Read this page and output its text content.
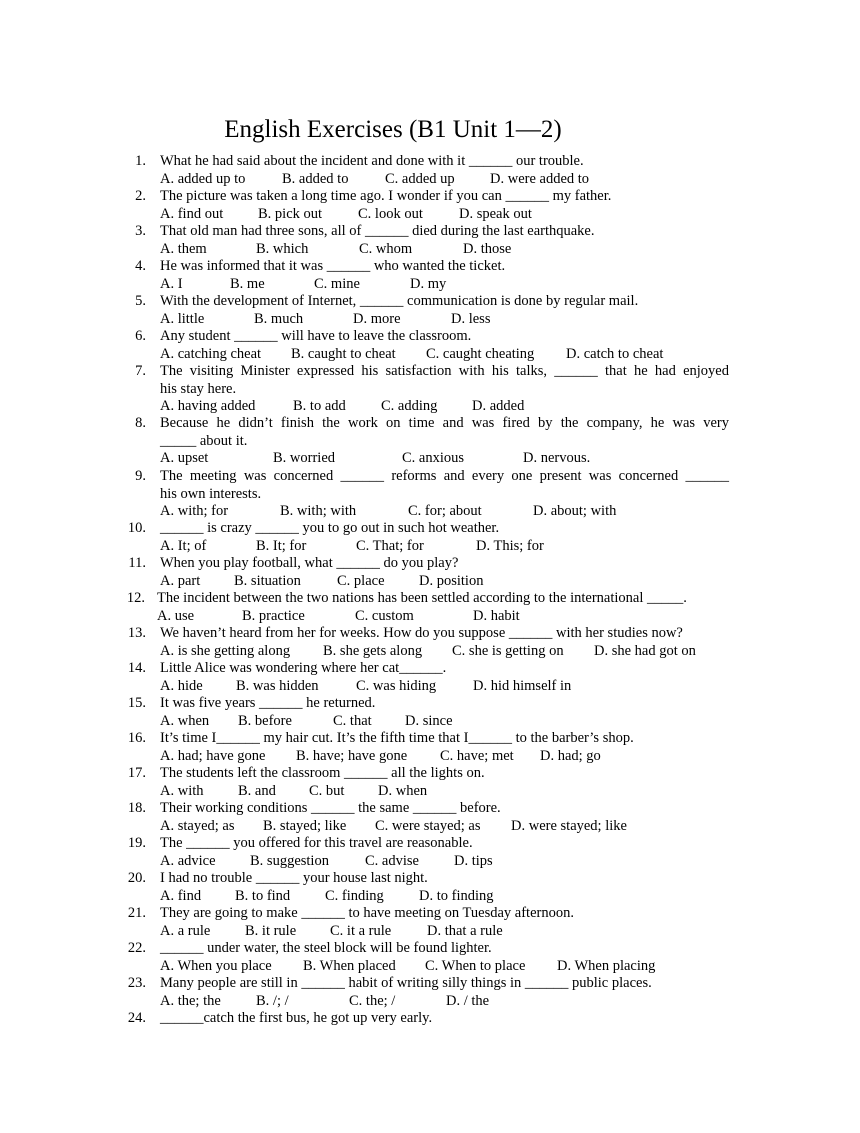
English Exercises (B1 Unit 1—2)
1. What he had said about the incident and done with it ______ our trouble.
A. added up to	B. added to	C. added up D. were added to
2. The picture was taken a long time ago. I wonder if you can ______ my father.
A. find out B. pick out C. look out D. speak out
3. That old man had three sons, all of ______ died during the last earthquake.
A. them	B. which	C. whom	D. those
4. He was informed that it was ______ who wanted the ticket.
A. I	B. me	C. mine	D. my
5. With the development of Internet, ______ communication is done by regular mail.
A. little	B. much	D. more	D. less
6. Any student ______ will have to leave the classroom.
A. catching cheat B. caught to cheat C. caught cheating D. catch to cheat
7. The visiting Minister expressed his satisfaction with his talks, ______ that he had enjoyed
his stay here.
A. having added	B. to add C. adding D. added
8. Because he didn’t finish the work on time and was fired by the company, he was very
_____ about it.
A. upset	B. worried	C. anxious	D. nervous.
9. The meeting was concerned ______ reforms and every one present was concerned ______
his own interests.
A. with; for	B. with; with	C. for; about	D. about; with
10. ______ is crazy ______ you to go out in such hot weather.
A. It; of	B. It; for	C. That; for	D. This; for
11. When you play football, what ______ do you play?
A. part B. situation C. place D. position
12. The incident between the two nations has been settled according to the international _____.
A. use	B. practice	C. custom	D. habit
13. We haven’t heard from her for weeks. How do you suppose ______ with her studies now?
A. is she getting along B. she gets along C. she is getting on D. she had got on
14. Little Alice was wondering where her cat______.
A. hide B. was hidden	C. was hiding	D. hid himself in
15. It was five years ______ he returned.
A. when B. before	C. that D. since
16. It’s time I______ my hair cut. It’s the fifth time that I______ to the barber’s shop.
A. had; have gone B. have; have gone C. have; met D. had; go
17. The students left the classroom ______ all the lights on.
A. with B. and C. but D. when
18. Their working conditions ______ the same ______ before.
A. stayed; as B. stayed; like C. were stayed; as D. were stayed; like
19. The ______ you offered for this travel are reasonable.
A. advice B. suggestion C. advise D. tips
20. I had no trouble ______ your house last night.
A. find B. to find C. finding D. to finding
21. They are going to make ______ to have meeting on Tuesday afternoon.
A. a rule B. it rule C. it a rule D. that a rule
22. ______ under water, the steel block will be found lighter.
A. When you place B. When placed C. When to place D. When placing
23. Many people are still in ______ habit of writing silly things in ______ public places.
A. the; the B. /; /	C. the; /	D. / the
24. ______catch the first bus, he got up very early.
